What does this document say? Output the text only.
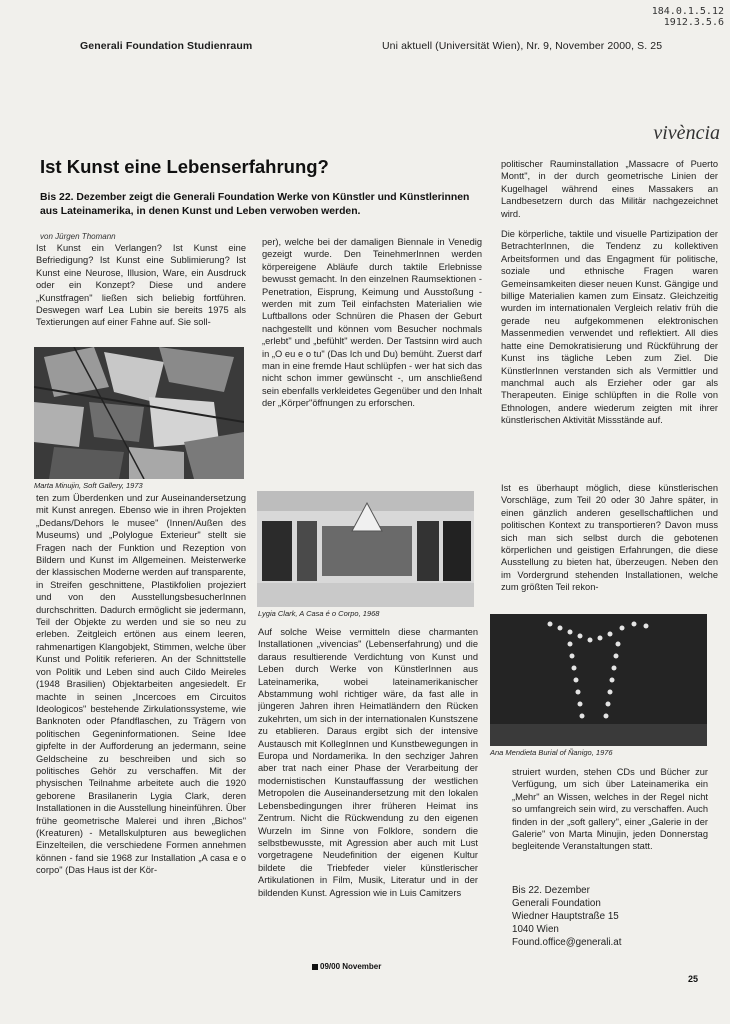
184.0.1.5.12
1912.3.5.6
Generali Foundation Studienraum	Uni aktuell (Universität Wien), Nr. 9, November 2000, S. 25
vivència
Ist Kunst eine Lebenserfahrung?
Bis 22. Dezember zeigt die Generali Foundation Werke von Künstler und Künstlerinnen aus Lateinamerika, in denen Kunst und Leben verwoben werden.
von Jürgen Thomann

Ist Kunst ein Verlangen? Ist Kunst eine Befriedigung? Ist Kunst eine Sublimierung? Ist Kunst eine Neurose, Illusion, Ware, ein Ausdruck oder ein Konzept? Diese und andere „Kunstfragen" ließen sich beliebig fortführen. Deswegen warf Lea Lubin sie bereits 1975 als Textierungen auf einer Fahne auf. Sie soll-

Marta Minujin, Soft Gallery, 1973

ten zum Überdenken und zur Auseinandersetzung mit Kunst anregen. Ebenso wie in ihren Projekten „Dedans/Dehors le musee" (Innen/Außen des Museums) und „Polylogue Exterieur" stellt sie Fragen nach der Funktion und Rezeption von Bildern und Kunst im Allgemeinen. Meisterwerke der klassischen Moderne werden auf transparente, in Streifen geschnittene, Plastikfolien projeziert und von den AusstellungsbesucherInnen durchschritten. Dadurch ermöglicht sie jedermann, Teil der Objekte zu werden und sie so neu zu erleben. Zeitgleich ertönen aus einem leeren, rahmenartigen Klangobjekt, Stimmen, welche über Kunst und Politik referieren. An der Schnittstelle von Politik und Leben sind auch Cildo Meireles (1948 Brasilien) Objektarbeiten angesiedelt. Er machte in seinen „Incercoes em Circuitos Ideologicos" bestehende Zirkulationssysteme, wie Banknoten oder Pfandflaschen, zu Trägern von politischen Gegeninformationen. Seine Idee gipfelte in der Aufforderung an jedermann, seine Geldscheine zu beschreiben und sich so politisches Gehör zu verschaffen. Mit der physischen Teilnahme arbeitete auch die 1920 geborene Brasilanerin Lygia Clark, deren Installationen in die Ausstellung hineinführen. Über frühe geometrische Malerei und ihren „Bichos" (Kreaturen) - Metallskulpturen aus beweglichen Einzelteilen, die verschiedene Formen annehmen können - fand sie 1968 zur Installation „A casa e o corpo" (Das Haus ist der Kör-

per), welche bei der damaligen Biennale in Venedig gezeigt wurde. Den TeinehmerInnen werden körpereigene Abläufe durch taktile Erlebnisse bewusst gemacht. In den einzelnen Raumsektionen - Penetration, Eisprung, Keimung und Ausstoßung - werden mit zum Teil einfachsten Materialien wie Luftballons oder Schnüren die Phasen der Geburt nachgestellt und können vom Besucher nochmals „erlebt" und „befühlt" werden. Der Tastsinn wird auch in „O eu e o tu" (Das Ich und Du) bemüht. Zuerst darf man in eine fremde Haut schlüpfen - wer hat sich das nicht schon immer gewünscht -, um anschließend sein ebenfalls verkleidetes Gegenüber und den Inhalt der „Körper"öffnungen zu erforschen.

Lygia Clark, A Casa é o Corpo, 1968

Auf solche Weise vermitteln diese charmanten Installationen „vivencias" (Lebenserfahrung) und die daraus resultierende Verdichtung von Kunst und Leben durch Werke von KünstlerInnen aus Lateinamerika, wobei lateinamerikanischer Abstammung wohl richtiger wäre, da fast alle in jüngeren Jahren ihren Heimatländern den Rücken zukehrten, um sich in der internationalen Kunstszene zu etablieren. Daraus ergibt sich der intensive Austausch mit KollegInnen und Kunstbewegungen in Europa und Nordamerika. In den sechziger Jahren aber trat nach einer Phase der Verarbeitung der modernistischen Kunstauffassung der westlichen Metropolen die Auseinandersetzung mit den lokalen Lebensbedingungen ihrer früheren Heimat ins Zentrum. Nicht die Rückwendung zu den eigenen Wurzeln im Sinne von Folklore, sondern die selbstbewusste, mit Agression aber auch mit Lust vorgetragene Neudefinition der eigenen Kultur bildete die Triebfeder vieler künstlerischer Artikulationen in Film, Musik, Literatur und in der bildenden Kunst. Agression wie in Luis Camitzers

politischer Rauminstallation „Massacre of Puerto Montt", in der durch geometrische Linien der Kugelhagel während eines Massakers an Landbesetzern durch das Militär nachgezeichnet wird.

Die körperliche, taktile und visuelle Partizipation der BetrachterInnen, die Tendenz zu kollektiven Arbeitsformen und das Engagment für politische, soziale und ethnische Fragen waren Gemeinsamkeiten dieser neuen Kunst. Gängige und billige Materialien kamen zum Einsatz. Gleichzeitig wurden im internationalen Vergleich relativ früh die gerade neu aufgekommenen elektronischen Massenmedien verwendet und reflektiert. All dies hatte eine Demokratisierung und Rückführung der Kunst ins tägliche Leben zum Ziel. Die KünstlerInnen verstanden sich als Vermittler und manchmal auch als Erzieher oder gar als Therapeuten. Einige schlüpften in die Rolle von Ethnologen, andere wiederum zeigten mit ihrer künstlerischen Aktivität Missstände auf.

Ist es überhaupt möglich, diese künstlerischen Vorschläge, zum Teil 20 oder 30 Jahre später, in einen gänzlich anderen gesellschaftlichen und politischen Kontext zu transportieren? Davon muss sich man sich selbst durch die gebotenen körperlichen und geistigen Erfahrungen, die diese Ausstellung zu bieten hat, überzeugen. Neben den im Vordergrund stehenden Installationen, welche zum größten Teil rekon-

Ana Mendieta Burial of Ñanigo, 1976

struiert wurden, stehen CDs und Bücher zur Verfügung, um sich über Lateinamerika ein „Mehr" an Wissen, welches in der Regel nicht so umfangreich sein wird, zu verschaffen. Auch finden in der „soft gallery", einer „Galerie in der Galerie" von Marta Minujin, jeden Donnerstag begleitende Veranstaltungen statt.

Bis 22. Dezember
Generali Foundation
Wiedner Hauptstraße 15
1040 Wien
Found.office@generali.at
09/00 November
25
